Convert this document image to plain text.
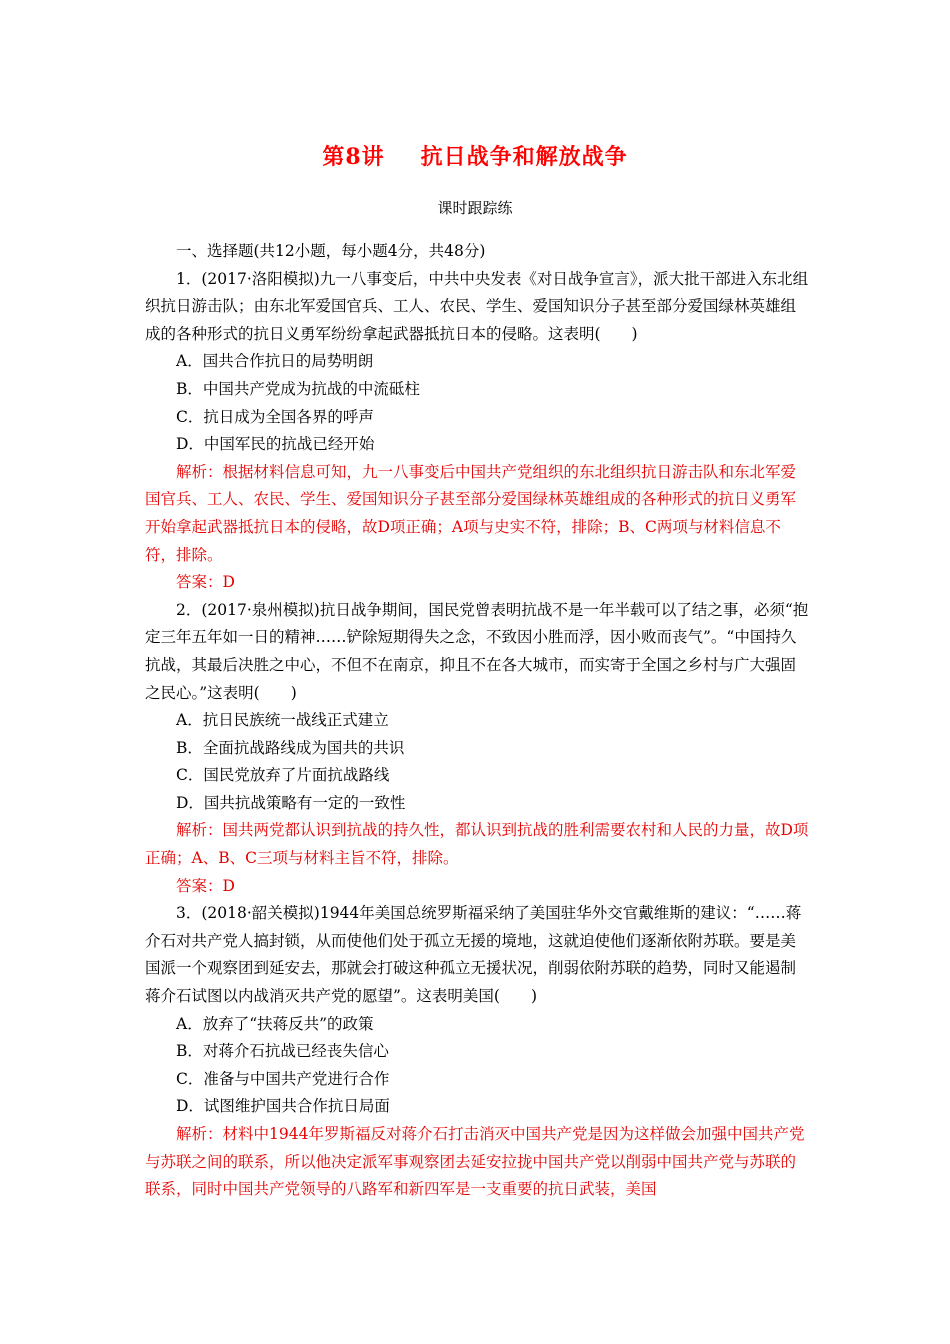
第8讲 抗日战争和解放战争
课时跟踪练

一、选择题(共12小题，每小题4分，共48分)

1．(2017·洛阳模拟)九一八事变后，中共中央发表《对日战争宣言》，派大批干部进入东北组织抗日游击队；由东北军爱国官兵、工人、农民、学生、爱国知识分子甚至部分爱国绿林英雄组成的各种形式的抗日义勇军纷纷拿起武器抵抗日本的侵略。这表明(　　)

A．国共合作抗日的局势明朗

B．中国共产党成为抗战的中流砥柱

C．抗日成为全国各界的呼声

D．中国军民的抗战已经开始

解析：根据材料信息可知，九一八事变后中国共产党组织的东北组织抗日游击队和东北军爱国官兵、工人、农民、学生、爱国知识分子甚至部分爱国绿林英雄组成的各种形式的抗日义勇军开始拿起武器抵抗日本的侵略，故D项正确；A项与史实不符，排除；B、C两项与材料信息不符，排除。

答案：D

2．(2017·泉州模拟)抗日战争期间，国民党曾表明抗战不是一年半载可以了结之事，必须“抱定三年五年如一日的精神……铲除短期得失之念，不致因小胜而浮，因小败而丧气”。“中国持久抗战，其最后决胜之中心，不但不在南京，抑且不在各大城市，而实寄于全国之乡村与广大强固之民心。”这表明(　　)

A．抗日民族统一战线正式建立

B．全面抗战路线成为国共的共识

C．国民党放弃了片面抗战路线

D．国共抗战策略有一定的一致性

解析：国共两党都认识到抗战的持久性，都认识到抗战的胜利需要农村和人民的力量，故D项正确；A、B、C三项与材料主旨不符，排除。

答案：D

3．(2018·韶关模拟)1944年美国总统罗斯福采纳了美国驻华外交官戴维斯的建议：“……蒋介石对共产党人搞封锁，从而使他们处于孤立无援的境地，这就迫使他们逐渐依附苏联。要是美国派一个观察团到延安去，那就会打破这种孤立无援状况，削弱依附苏联的趋势，同时又能遏制蒋介石试图以内战消灭共产党的愿望”。这表明美国(　　)

A．放弃了“扶蒋反共”的政策

B．对蒋介石抗战已经丧失信心

C．准备与中国共产党进行合作

D．试图维护国共合作抗日局面

解析：材料中1944年罗斯福反对蒋介石打击消灭中国共产党是因为这样做会加强中国共产党与苏联之间的联系，所以他决定派军事观察团去延安拉拢中国共产党以削弱中国共产党与苏联的联系，同时中国共产党领导的八路军和新四军是一支重要的抗日武装，美国
